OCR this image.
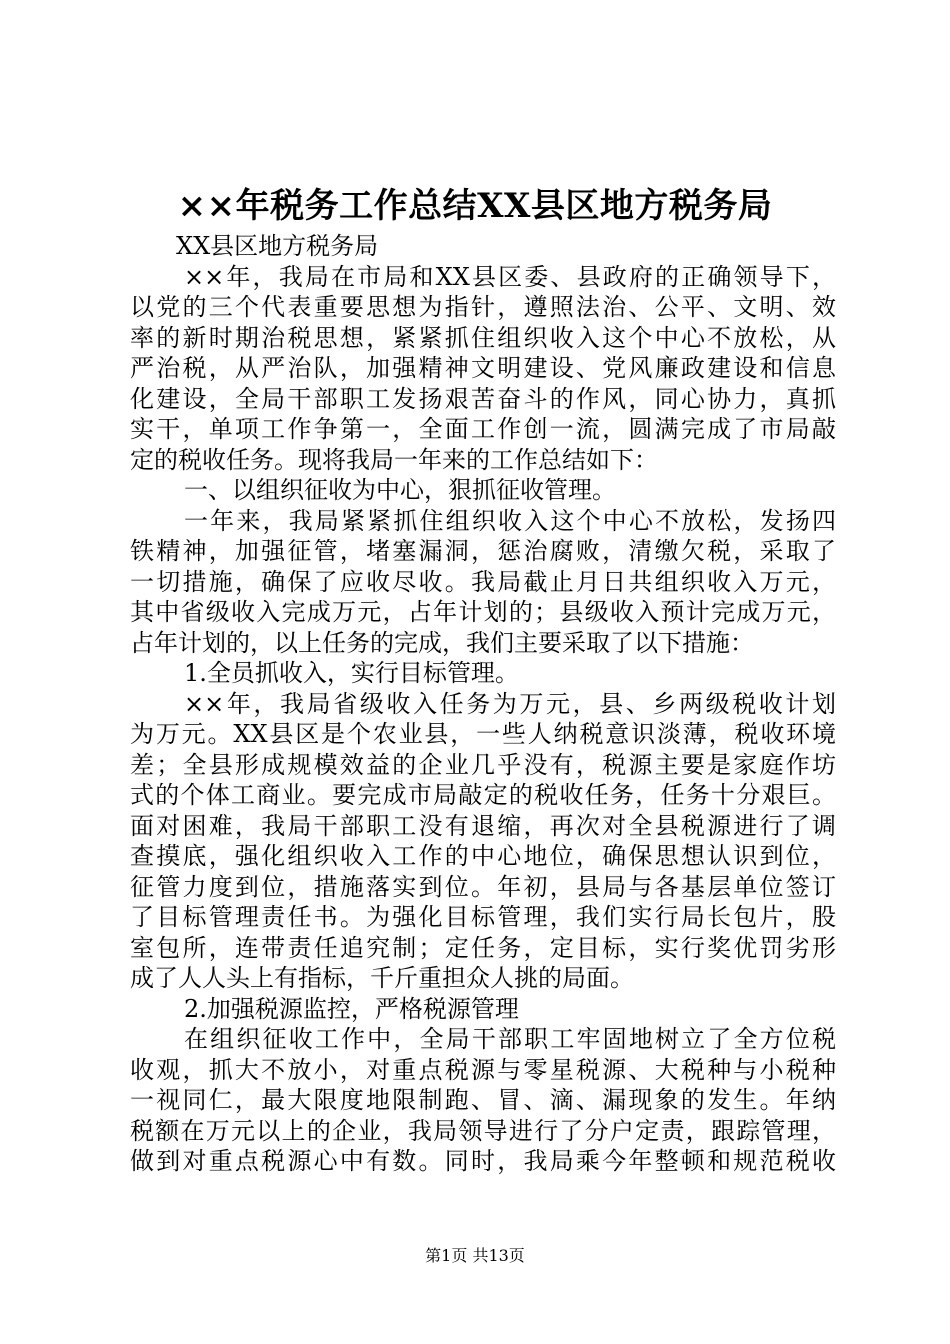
××年税务工作总结XX县区地方税务局
XX县区地方税务局
××年，我局在市局和XX县区委、县政府的正确领导下，
以党的三个代表重要思想为指针，遵照法治、公平、文明、效
率的新时期治税思想，紧紧抓住组织收入这个中心不放松，从
严治税，从严治队，加强精神文明建设、党风廉政建设和信息
化建设，全局干部职工发扬艰苦奋斗的作风，同心协力，真抓
实干，单项工作争第一，全面工作创一流，圆满完成了市局敲
定的税收任务。现将我局一年来的工作总结如下：
一、以组织征收为中心，狠抓征收管理。
一年来，我局紧紧抓住组织收入这个中心不放松，发扬四
铁精神，加强征管，堵塞漏洞，惩治腐败，清缴欠税，采取了
一切措施，确保了应收尽收。我局截止月日共组织收入万元，
其中省级收入完成万元，占年计划的；县级收入预计完成万元，
占年计划的，以上任务的完成，我们主要采取了以下措施：
1.全员抓收入，实行目标管理。
××年，我局省级收入任务为万元，县、乡两级税收计划
为万元。XX县区是个农业县，一些人纳税意识淡薄，税收环境
差；全县形成规模效益的企业几乎没有，税源主要是家庭作坊
式的个体工商业。要完成市局敲定的税收任务，任务十分艰巨。
面对困难，我局干部职工没有退缩，再次对全县税源进行了调
查摸底，强化组织收入工作的中心地位，确保思想认识到位，
征管力度到位，措施落实到位。年初，县局与各基层单位签订
了目标管理责任书。为强化目标管理，我们实行局长包片，股
室包所，连带责任追究制；定任务，定目标，实行奖优罚劣形
成了人人头上有指标，千斤重担众人挑的局面。
2.加强税源监控，严格税源管理
在组织征收工作中，全局干部职工牢固地树立了全方位税
收观，抓大不放小，对重点税源与零星税源、大税种与小税种
一视同仁，最大限度地限制跑、冒、滴、漏现象的发生。年纳
税额在万元以上的企业，我局领导进行了分户定责，跟踪管理，
做到对重点税源心中有数。同时，我局乘今年整顿和规范税收
第1页 共13页
